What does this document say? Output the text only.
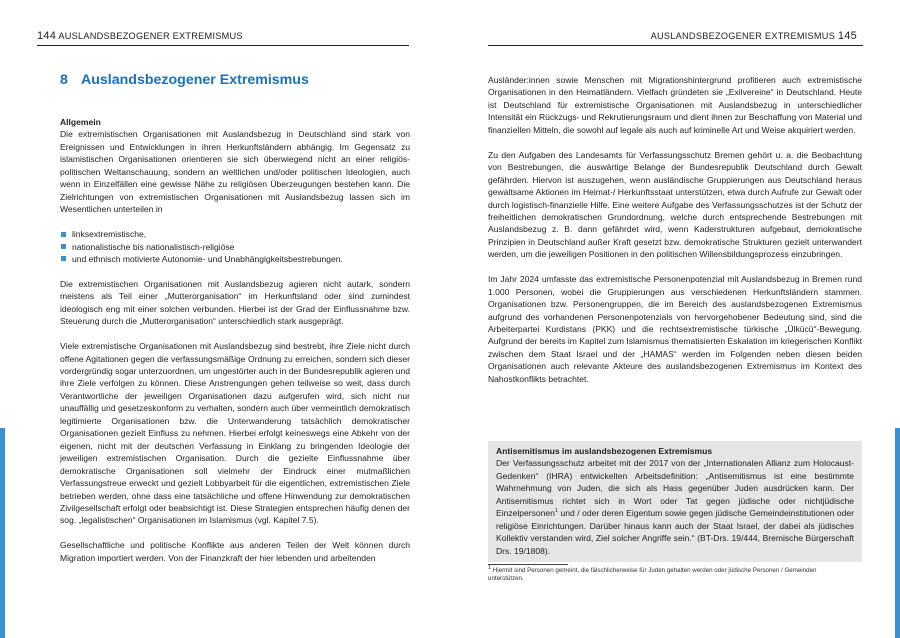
144 AUSLANDSBEZOGENER EXTREMISMUS
8 Auslandsbezogener Extremismus

Allgemein

Die extremistischen Organisationen mit Auslandsbezug in Deutschland sind stark von Ereignissen und Entwicklungen in ihren Herkunftsländern abhängig. Im Gegensatz zu islamistischen Organisationen orientieren sie sich überwiegend nicht an einer religiös-politischen Weltanschauung, sondern an weltlichen und/oder politischen Ideologien, auch wenn in Einzelfällen eine gewisse Nähe zu religiösen Überzeugungen bestehen kann. Die Zielrichtungen von extremistischen Organisationen mit Auslandsbezug lassen sich im Wesentlichen unterteilen in

linksextremistische,
nationalistische bis nationalistisch-religiöse
und ethnisch motivierte Autonomie- und Unabhängigkeitsbestrebungen.

Die extremistischen Organisationen mit Auslandsbezug agieren nicht autark, sondern meistens als Teil einer „Mutterorganisation“ im Herkunftsland oder sind zumindest ideologisch eng mit einer solchen verbunden. Hierbei ist der Grad der Einflussnahme bzw. Steuerung durch die „Mutterorganisation“ unterschiedlich stark ausgeprägt.

Viele extremistische Organisationen mit Auslandsbezug sind bestrebt, ihre Ziele nicht durch offene Agitationen gegen die verfassungsmäßige Ordnung zu erreichen, sondern sich dieser vordergründig sogar unterzuordnen, um ungestörter auch in der Bundesrepublik agieren und ihre Ziele verfolgen zu können. Diese Anstrengungen gehen teilweise so weit, dass durch Verantwortliche der jeweiligen Organisationen dazu aufgerufen wird, sich nicht nur unauffällig und gesetzeskonform zu verhalten, sondern auch über vermeintlich demokratisch legitimierte Organisationen bzw. die Unterwanderung tatsächlich demokratischer Organisationen gezielt Einfluss zu nehmen. Hierbei erfolgt keineswegs eine Abkehr von der eigenen, nicht mit der deutschen Verfassung in Einklang zu bringenden Ideologie der jeweiligen extremistischen Organisation. Durch die gezielte Einflussnahme über demokratische Organisationen soll vielmehr der Eindruck einer mutmaßlichen Verfassungstreue erweckt und gezielt Lobbyarbeit für die eigentlichen, extremistischen Ziele betrieben werden, ohne dass eine tatsächliche und offene Hinwendung zur demokratischen Zivilgesellschaft erfolgt oder beabsichtigt ist. Diese Strategien entsprechen häufig denen der sog. „legalistischen“ Organisationen im Islamismus (vgl. Kapitel 7.5).

Gesellschaftliche und politische Konflikte aus anderen Teilen der Welt können durch Migration importiert werden. Von der Finanzkraft der hier lebenden und arbeitenden

AUSLANDSBEZOGENER EXTREMISMUS 145

Ausländer:innen sowie Menschen mit Migrationshintergrund profitieren auch extremistische Organisationen in den Heimatländern. Vielfach gründeten sie „Exilvereine“ in Deutschland. Heute ist Deutschland für extremistische Organisationen mit Auslandsbezug in unterschiedlicher Intensität ein Rückzugs- und Rekrutierungsraum und dient ihnen zur Beschaffung von Material und finanziellen Mitteln, die sowohl auf legale als auch auf kriminelle Art und Weise akquiriert werden.

Zu den Aufgaben des Landesamts für Verfassungsschutz Bremen gehört u. a. die Beobachtung von Bestrebungen, die auswärtige Belange der Bundesrepublik Deutschland durch Gewalt gefährden. Hiervon ist auszugehen, wenn ausländische Gruppierungen aus Deutschland heraus gewaltsame Aktionen im Heimat-/ Herkunftsstaat unterstützen, etwa durch Aufrufe zur Gewalt oder durch logistisch-finanzielle Hilfe. Eine weitere Aufgabe des Verfassungsschutzes ist der Schutz der freiheitlichen demokratischen Grundordnung, welche durch entsprechende Bestrebungen mit Auslandsbezug z. B. dann gefährdet wird, wenn Kaderstrukturen aufgebaut, demokratische Prinzipien in Deutschland außer Kraft gesetzt bzw. demokratische Strukturen gezielt unterwandert werden, um die jeweiligen Positionen in den politischen Willensbildungsprozess einzubringen.

Im Jahr 2024 umfasste das extremistische Personenpotenzial mit Auslandsbezug in Bremen rund 1.000 Personen, wobei die Gruppierungen aus verschiedenen Herkunftsländern stammen. Organisationen bzw. Personengruppen, die im Bereich des auslandsbezogenen Extremismus aufgrund des vorhandenen Personenpotenzials von hervorgehobener Bedeutung sind, sind die Arbeiterpartei Kurdistans (PKK) und die rechtsextremistische türkische „Ülkücü“-Bewegung. Aufgrund der bereits im Kapitel zum Islamismus thematisierten Eskalation im kriegerischen Konflikt zwischen dem Staat Israel und der „HAMAS“ werden im Folgenden neben diesen beiden Organisationen auch relevante Akteure des auslandsbezogenen Extremismus im Kontext des Nahostkonflikts betrachtet.

Antisemitismus im auslandsbezogenen Extremismus

Der Verfassungsschutz arbeitet mit der 2017 von der „Internationalen Allianz zum Holocaust-Gedenken“ (IHRA) entwickelten Arbeitsdefinition: „Antisemitismus ist eine bestimmte Wahrnehmung von Juden, die sich als Hass gegenüber Juden ausdrücken kann. Der Antisemitismus richtet sich in Wort oder Tat gegen jüdische oder nichtjüdische Einzelpersonen$^1$ und / oder deren Eigentum sowie gegen jüdische Gemeindeinstitutionen oder religiöse Einrichtungen. Darüber hinaus kann auch der Staat Israel, der dabei als jüdisches Kollektiv verstanden wird, Ziel solcher Angriffe sein.“ (BT-Drs. 19/444, Bremische Bürgerschaft Drs. 19/1808).

$^1$ Hiermit sind Personen gemeint, die fälschlicherweise für Juden gehalten werden oder jüdische Personen / Gemeinden unterstützen.
